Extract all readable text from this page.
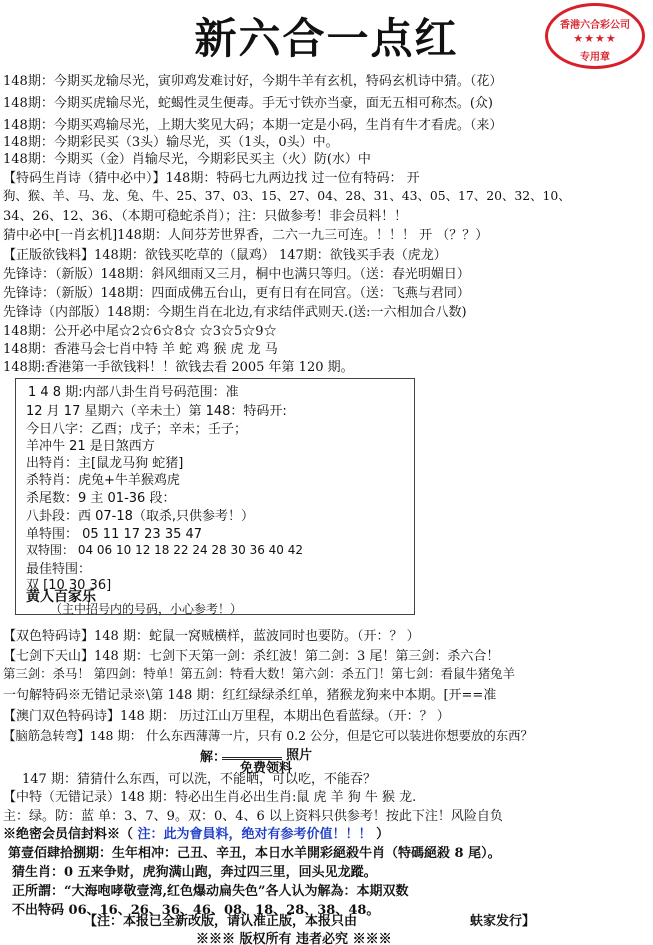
新六合一点红	香港六合彩公司
★★★★
专用章
148期：今期买龙输尽光，寅卯鸡发难讨好，今期牛羊有玄机，特码玄机诗中猜。（花）
148期：今期买虎输尽光，蛇蝎性灵生便毒。手无寸铁亦当豪，面无五相可称杰。(众)
148期：今期买鸡输尽光，上期大奖见大码；本期一定是小码，生肖有牛才看虎。（来）
148期：今期彩民买（3头）输尽光，买（1头，0头）中。
148期：今期买（金）肖输尽光，今期彩民买主（火）防(水）中
【特码生肖诗（猜中必中）】148期：特码七九两边找 过一位有特码： 开
狗、猴、羊、马、龙、兔、牛、25、37、03、15、27、04、28、31、43、05、17、20、32、10、
34、26、12、36、（本期可稳蛇杀肖）；注：只做参考！非会员料！！
猜中必中[一肖玄机]148期：人间芬芳世界香，二六一九三可连。！！！ 开 （？？）
【正版欲钱料】148期：欲钱买吃草的（鼠鸡） 147期：欲钱买手表（虎龙）
先锋诗：（新版）148期：斜风细雨又三月，桐中也满只等归。（送：春光明媚日）
先锋诗：（新版）148期：四面成佛五台山，更有日有在同宫。（送：飞燕与君同）
先锋诗（内部版）148期：今期生肖在北边,有求结伴武则天.(送:一六相加合八数)
148期：公开必中尾☆2☆6☆8☆ ☆3☆5☆9☆
148期：香港马会七肖中特 羊 蛇 鸡 猴 虎 龙 马
148期:香港第一手欲钱料！！欲钱去看 2005 年第 120 期。
1 4 8 期:内部八卦生肖号码范围：准
12 月 17 星期六（辛未土）第 148：特码开:
今日八字：乙酉；戊子；辛未；壬子；
羊冲牛 21 是日煞西方
出特肖：主[鼠龙马狗 蛇猪]
杀特肖：虎兔+牛羊猴鸡虎
杀尾数：9 主 01-36 段：
八卦段：西 07-18（取杀,只供参考！）
单特围： 05 11 17 23 35 47
双特围： 04 06 10 12 18 22 24 28 30 36 40 42
最佳特围：
双 [10 30 36]
黄人百家乐
（主中招号内的号码，小心参考！）
【双色特码诗】148 期：蛇鼠一窝贼横样，蓝波同时也要防。（开：？ ）
【七剑下天山】148 期：七剑下天第一剑：杀红波！第二剑：3 尾！第三剑：杀六合！
第三剑：杀马！ 第四剑：特单！第五剑：特看大数！第六剑：杀五门！第七剑：看鼠牛猪兔羊
一句解特码※无错记录※\第 148 期：红红绿绿杀红单，猪猴龙狗来中本期。[开==准
【澳门双色特码诗】148 期： 历过江山万里程，本期出色看蓝绿。（开：？ ）
【脑筋急转弯】148 期： 什么东西薄薄一片，只有 0.2 公分，但是它可以装进你想要放的东西？
解：	照片
免费领料
147 期：猜猜什么东西，可以洗，不能晒，可以吃，不能吞？
【中特（无错记录）148 期：特必出生肖必出生肖:鼠 虎 羊 狗 牛 猴 龙.
主：绿。防：蓝 单：3、7、9。双：0、4、6 以上资料只供参考！按此下注！风险自负
※绝密会员信封料※（ 注：此为會員料，绝对有参考价值！！！ ）
第壹佰肆拾捌期：生年相冲：己丑、辛丑，本日水羊開彩絕殺牛肖（特碼絕殺 8 尾）。
猜生肖：0 五来争财，虎狗满山跑，奔过四三里，回头见龙蹤。
正所謂：“大海咆哮敬壹湾,红色爆动扁失色”各人认为解為：本期双数
不出特码 06、16、26、36、46、08、18、28、38、48。
【注：本报已全新改版，请认准正版，本报只由	蚨家发行】
※※※ 版权所有 违者必究 ※※※
